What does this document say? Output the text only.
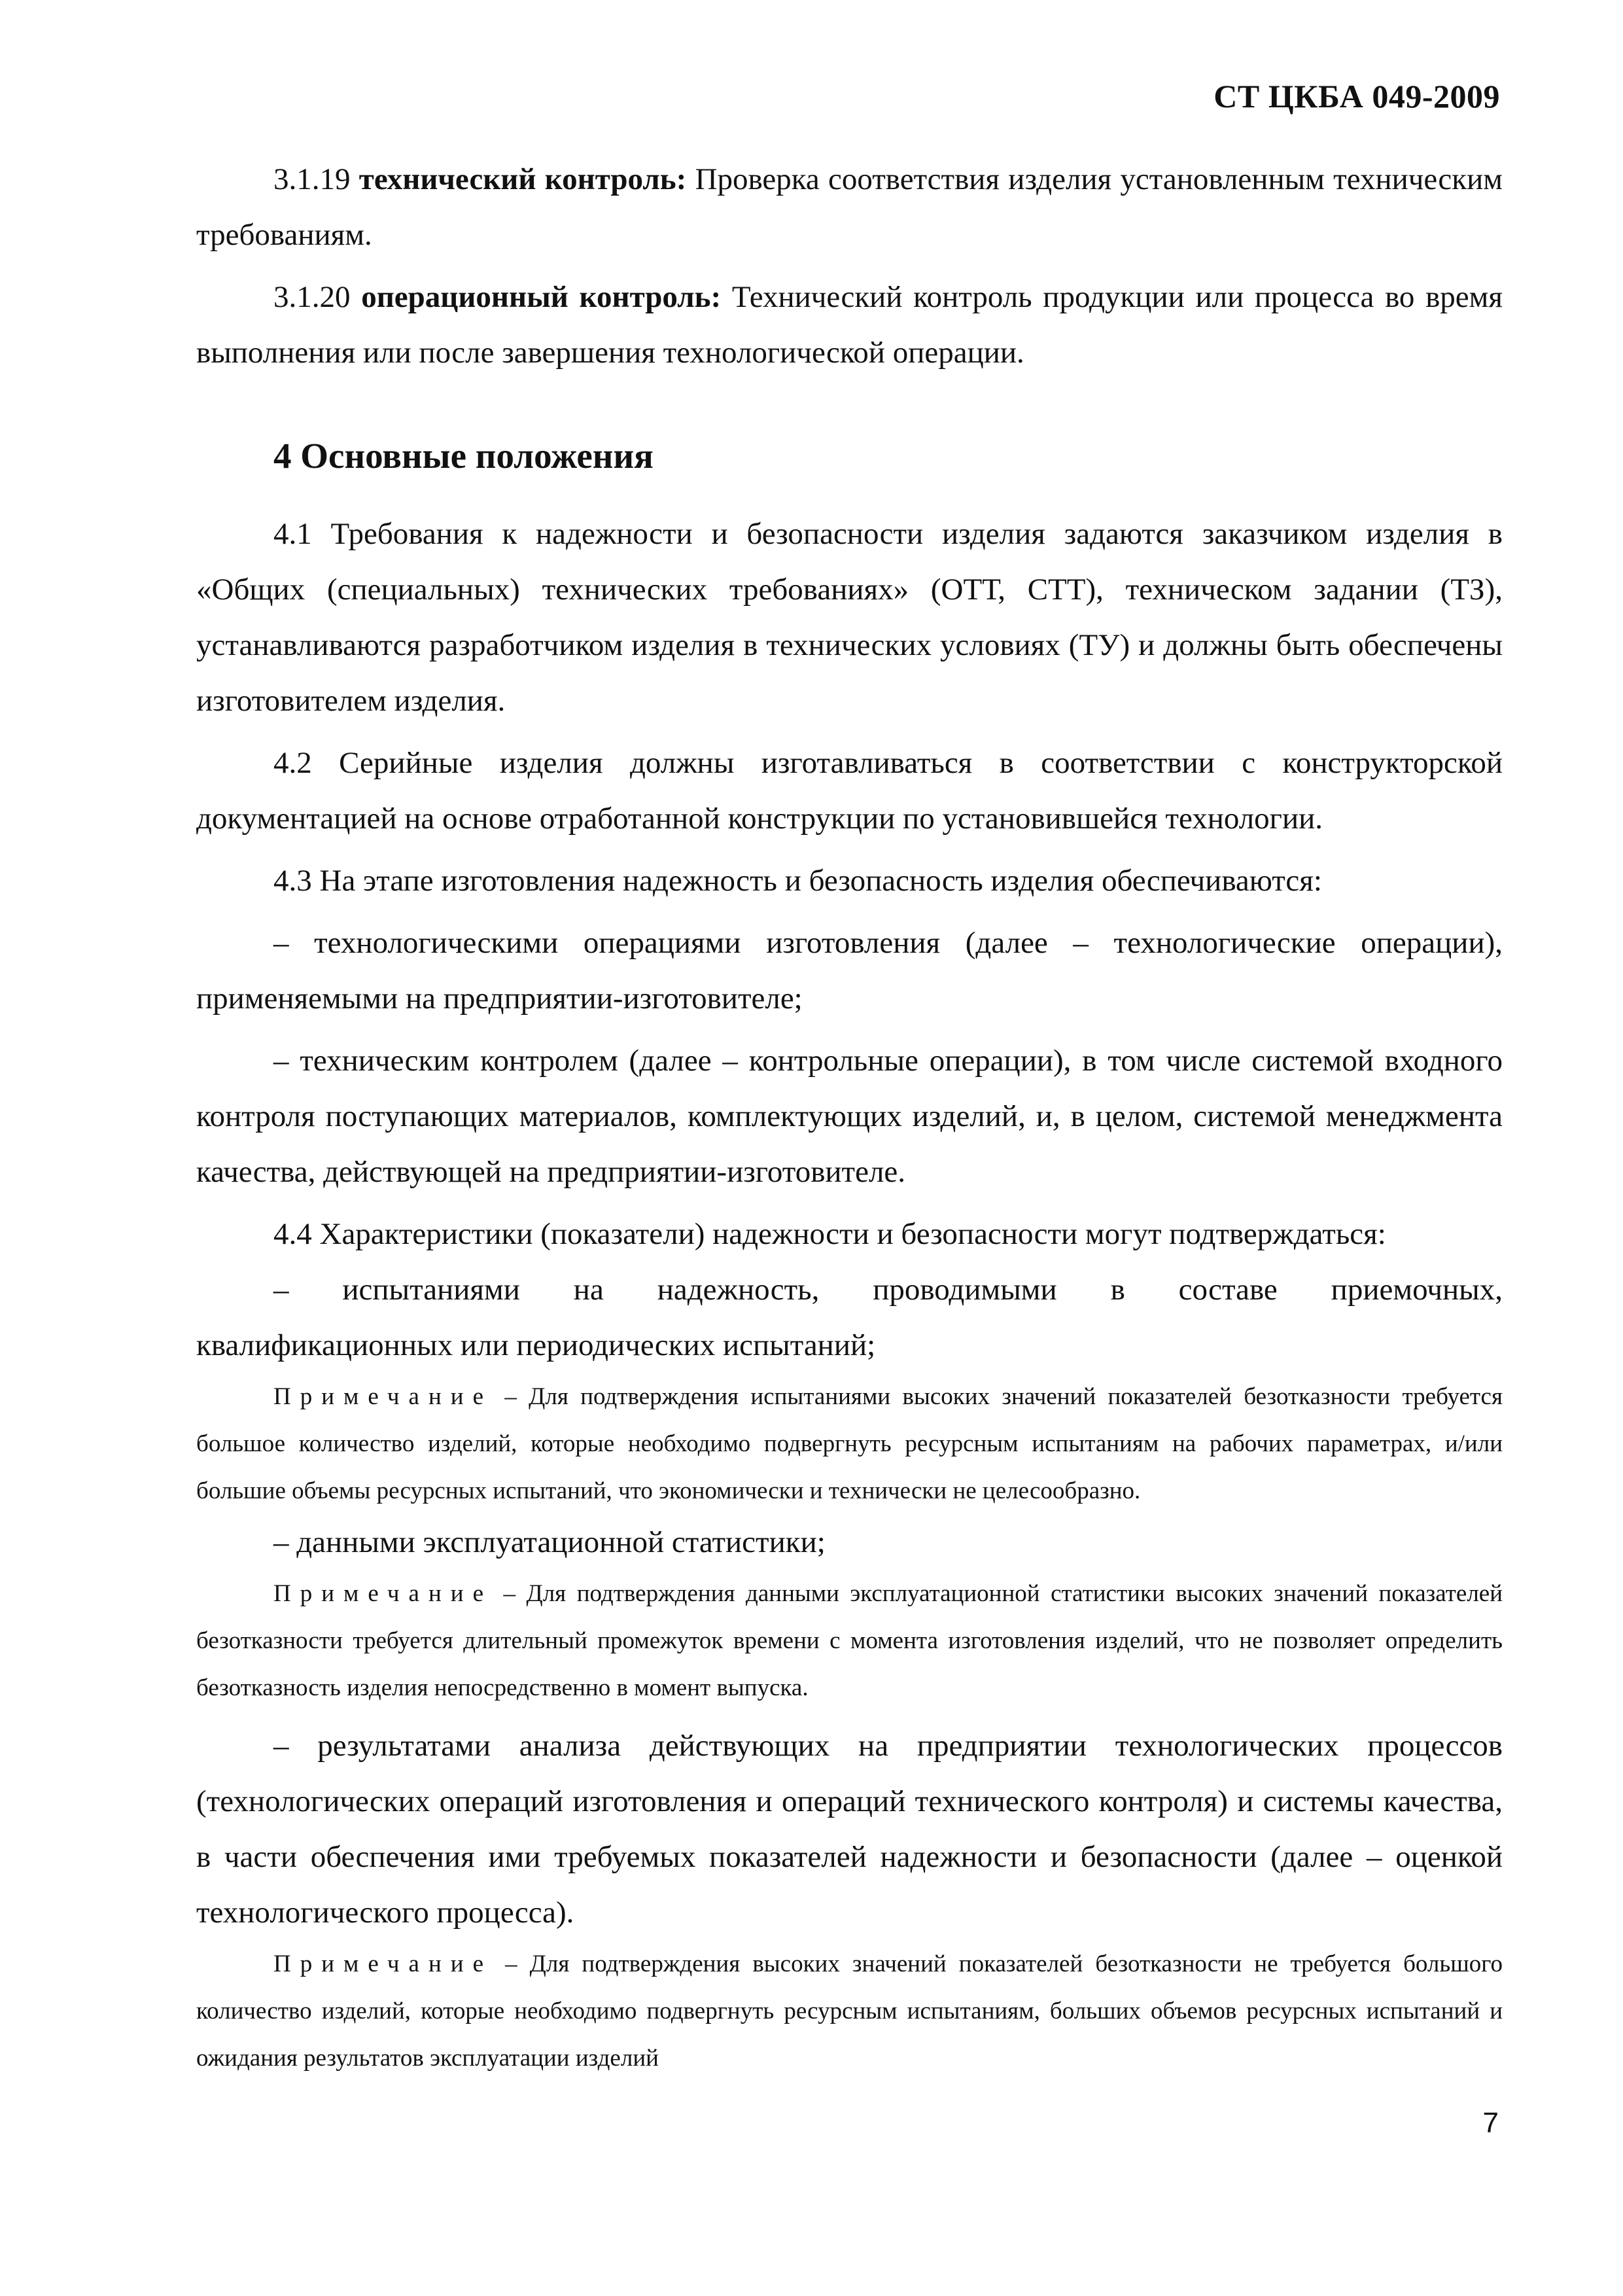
СТ ЦКБА 049-2009

3.1.19 технический контроль: Проверка соответствия изделия установленным техническим требованиям.

3.1.20 операционный контроль: Технический контроль продукции или процесса во время выполнения или после завершения технологической операции.

4 Основные положения

4.1 Требования к надежности и безопасности изделия задаются заказчиком изделия в «Общих (специальных) технических требованиях» (ОТТ, СТТ), техническом задании (ТЗ), устанавливаются разработчиком изделия в технических условиях (ТУ) и должны быть обеспечены изготовителем изделия.

4.2 Серийные изделия должны изготавливаться в соответствии с конструкторской документацией на основе отработанной конструкции по установившейся технологии.

4.3 На этапе изготовления надежность и безопасность изделия обеспечиваются:

– технологическими операциями изготовления (далее – технологические операции), применяемыми на предприятии-изготовителе;

– техническим контролем (далее – контрольные операции), в том числе системой входного контроля поступающих материалов, комплектующих изделий, и, в целом, системой менеджмента качества, действующей на предприятии-изготовителе.

4.4 Характеристики (показатели) надежности и безопасности могут подтверждаться:

– испытаниями на надежность, проводимыми в составе приемочных,
квалификационных или периодических испытаний;

Примечание – Для подтверждения испытаниями высоких значений показателей безотказности требуется большое количество изделий, которые необходимо подвергнуть ресурсным испытаниям на рабочих параметрах, и/или большие объемы ресурсных испытаний, что экономически и технически не целесообразно.

– данными эксплуатационной статистики;

Примечание – Для подтверждения данными эксплуатационной статистики высоких значений показателей безотказности требуется длительный промежуток времени с момента изготовления изделий, что не позволяет определить безотказность изделия непосредственно в момент выпуска.

– результатами анализа действующих на предприятии технологических процессов (технологических операций изготовления и операций технического контроля) и системы качества, в части обеспечения ими требуемых показателей надежности и безопасности (далее – оценкой технологического процесса).

Примечание – Для подтверждения высоких значений показателей безотказности не требуется большого количество изделий, которые необходимо подвергнуть ресурсным испытаниям, больших объемов ресурсных испытаний и ожидания результатов эксплуатации изделий

7
